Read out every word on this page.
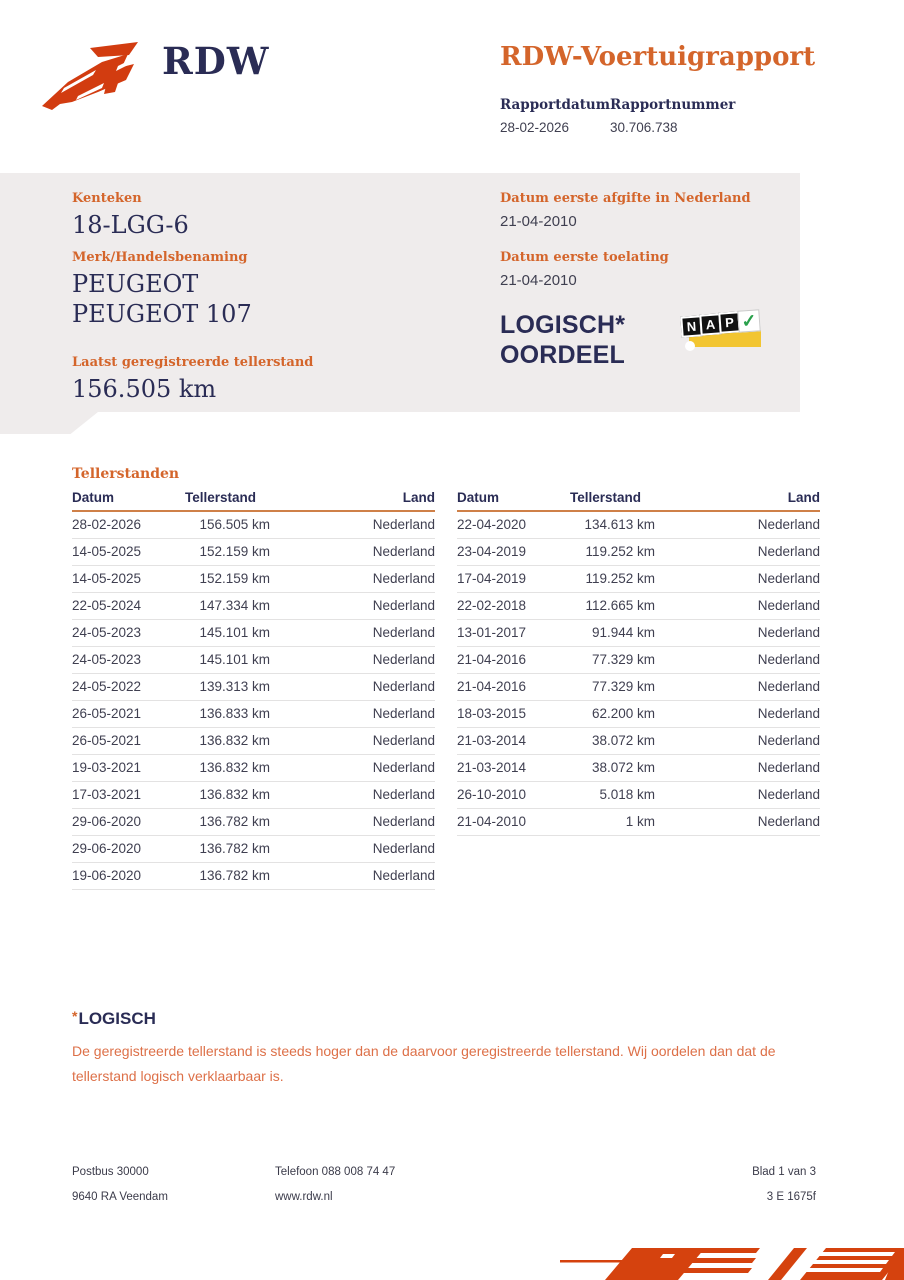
RDW	RDW-Voertuigrapport
Rapportdatum
28-02-2026
Rapportnummer
30.706.738
Kenteken
18-LGG-6
Merk/Handelsbenaming
PEUGEOT PEUGEOT 107
Laatst geregistreerde tellerstand
156.505 km
Datum eerste afgifte in Nederland
21-04-2010
Datum eerste toelating
21-04-2010
LOGISCH*
OORDEEL
N A P ✓
Tellerstanden
Datum	Tellerstand	Land
28-02-2026	156.505 km	Nederland
14-05-2025	152.159 km	Nederland
14-05-2025	152.159 km	Nederland
22-05-2024	147.334 km	Nederland
24-05-2023	145.101 km	Nederland
24-05-2023	145.101 km	Nederland
24-05-2022	139.313 km	Nederland
26-05-2021	136.833 km	Nederland
26-05-2021	136.832 km	Nederland
19-03-2021	136.832 km	Nederland
17-03-2021	136.832 km	Nederland
29-06-2020	136.782 km	Nederland
29-06-2020	136.782 km	Nederland
19-06-2020	136.782 km	Nederland
Datum	Tellerstand	Land
22-04-2020	134.613 km	Nederland
23-04-2019	119.252 km	Nederland
17-04-2019	119.252 km	Nederland
22-02-2018	112.665 km	Nederland
13-01-2017	91.944 km	Nederland
21-04-2016	77.329 km	Nederland
21-04-2016	77.329 km	Nederland
18-03-2015	62.200 km	Nederland
21-03-2014	38.072 km	Nederland
21-03-2014	38.072 km	Nederland
26-10-2010	5.018 km	Nederland
21-04-2010	1 km	Nederland
*LOGISCH
De geregistreerde tellerstand is steeds hoger dan de daarvoor geregistreerde tellerstand. Wij oordelen dan dat de tellerstand logisch verklaarbaar is.
Postbus 30000	Telefoon 088 008 74 47	Blad 1 van 3
9640 RA Veendam	www.rdw.nl	3 E 1675f
